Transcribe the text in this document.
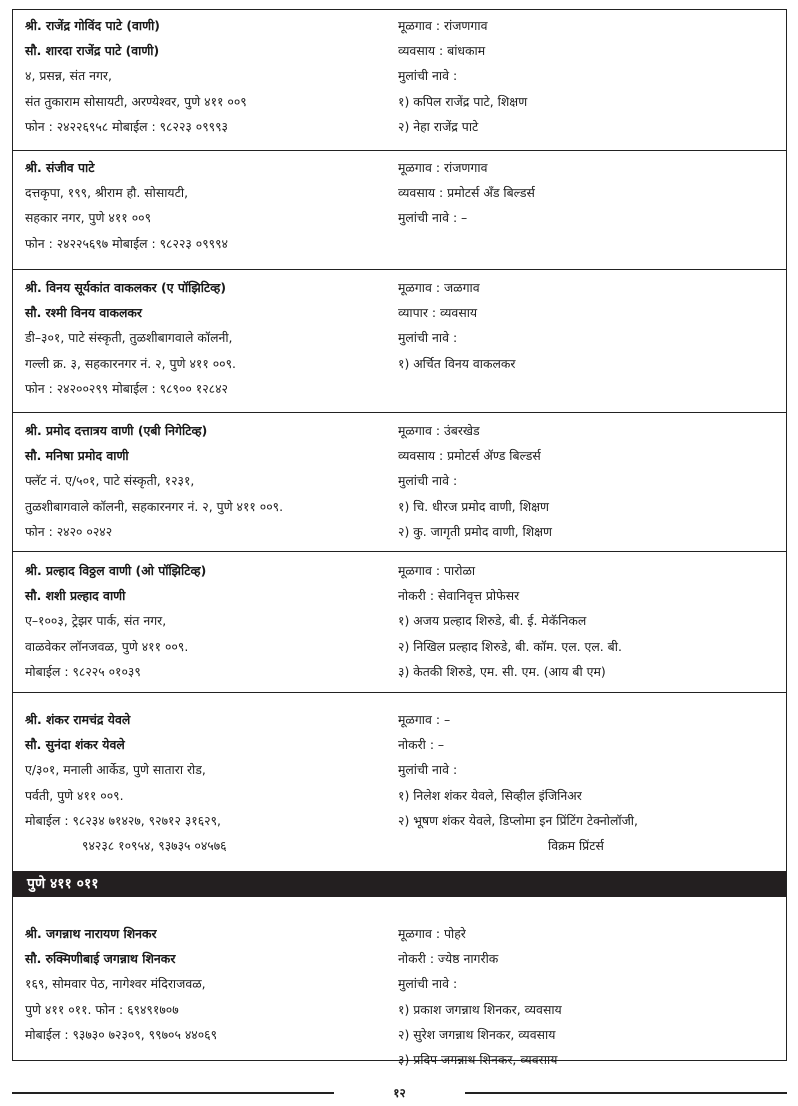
श्री. राजेंद्र गोविंद पाटे (वाणी)
सौ. शारदा राजेंद्र पाटे (वाणी)
४, प्रसन्न, संत नगर,
संत तुकाराम सोसायटी, अरण्येश्वर, पुणे ४११ ००९
फोन : २४२२६९५८ मोबाईल : ९८२२३ ०९९९३
मूळगाव : रांजणगाव
व्यवसाय : बांधकाम
मुलांची नावे :
१) कपिल राजेंद्र पाटे, शिक्षण
२) नेहा राजेंद्र पाटे
श्री. संजीव पाटे
दत्तकृपा, १९९, श्रीराम हौ. सोसायटी,
सहकार नगर, पुणे ४११ ००९
फोन : २४२२५६९७ मोबाईल : ९८२२३ ०९९९४
मूळगाव : रांजणगाव
व्यवसाय : प्रमोटर्स अँड बिल्डर्स
मुलांची नावे : –
श्री. विनय सूर्यकांत वाकलकर (ए पॉझिटिव्ह)
सौ. रश्मी विनय वाकलकर
डी–३०१, पाटे संस्कृती, तुळशीबागवाले कॉलनी,
गल्ली क्र. ३, सहकारनगर नं. २, पुणे ४११ ००९.
फोन : २४२००२९९ मोबाईल : ९८९०० १२८४२
मूळगाव : जळगाव
व्यापार : व्यवसाय
मुलांची नावे :
१) अर्चित विनय वाकलकर
श्री. प्रमोद दत्तात्रय वाणी (एबी निगेटिव्ह)
सौ. मनिषा प्रमोद वाणी
फ्लॅट नं. ए/५०१, पाटे संस्कृती, १२३१,
तुळशीबागवाले कॉलनी, सहकारनगर नं. २, पुणे ४११ ००९.
फोन : २४२० ०२४२
मूळगाव : उंबरखेड
व्यवसाय : प्रमोटर्स ॲण्ड बिल्डर्स
मुलांची नावे :
१) चि. धीरज प्रमोद वाणी, शिक्षण
२) कु. जागृती प्रमोद वाणी, शिक्षण
श्री. प्रल्हाद विठ्ठल वाणी (ओ पॉझिटिव्ह)
सौ. शशी प्रल्हाद वाणी
ए–१००३, ट्रेझर पार्क, संत नगर,
वाळवेकर लॉनजवळ, पुणे ४११ ००९.
मोबाईल : ९८२२५ ०१०३९
मूळगाव : पारोळा
नोकरी : सेवानिवृत्त प्रोफेसर
१) अजय प्रल्हाद शिरुडे, बी. ई. मेकॅनिकल
२) निखिल प्रल्हाद शिरुडे, बी. कॉम. एल. एल. बी.
३) केतकी शिरुडे, एम. सी. एम. (आय बी एम)
श्री. शंकर रामचंद्र येवले
सौ. सुनंदा शंकर येवले
ए/३०१, मनाली आर्केड, पुणे सातारा रोड,
पर्वती, पुणे ४११ ००९.
मोबाईल : ९८२३४ ७१४२७, ९२७१२ ३१६२९,
९४२३८ १०९५४, ९३७३५ ०४५७६
मूळगाव : –
नोकरी : –
मुलांची नावे :
१) निलेश शंकर येवले, सिव्हील इंजिनिअर
२) भूषण शंकर येवले, डिप्लोमा इन प्रिंटिंग टेक्नोलॉजी,
विक्रम प्रिंटर्स
पुणे ४११ ०११
श्री. जगन्नाथ नारायण शिनकर
सौ. रुक्मिणीबाई जगन्नाथ शिनकर
१६९, सोमवार पेठ, नागेश्वर मंदिराजवळ,
पुणे ४११ ०११. फोन : ६९४९१७०७
मोबाईल : ९३७३० ७२३०९, ९९७०५ ४४०६९
मूळगाव : पोहरे
नोकरी : ज्येष्ठ नागरीक
मुलांची नावे :
१) प्रकाश जगन्नाथ शिनकर, व्यवसाय
२) सुरेश जगन्नाथ शिनकर, व्यवसाय
३) प्रदिप जगन्नाथ शिनकर, व्यवसाय
१२
